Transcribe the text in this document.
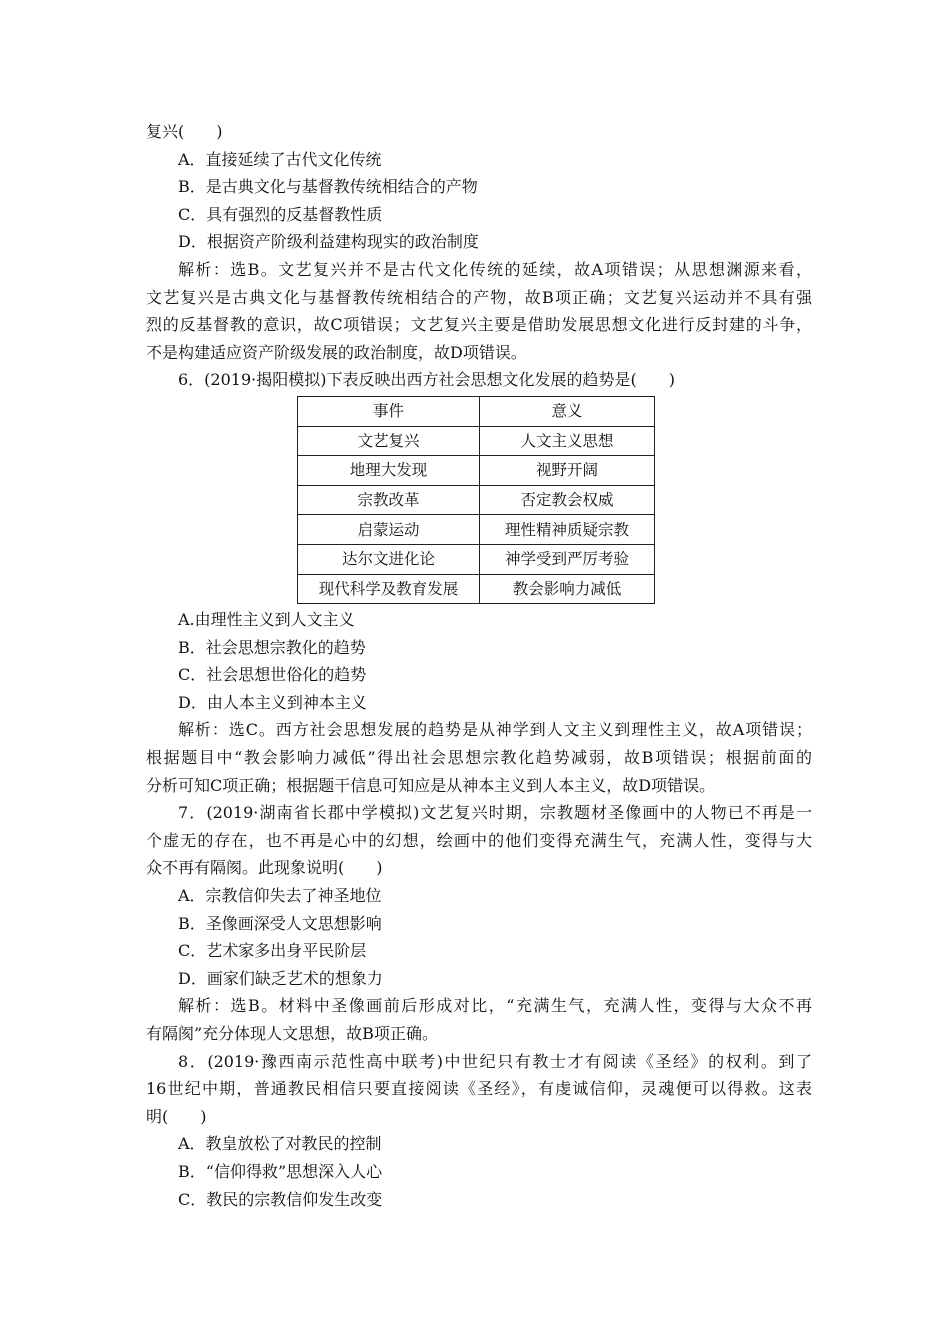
复兴(　　)
A．直接延续了古代文化传统
B．是古典文化与基督教传统相结合的产物
C．具有强烈的反基督教性质
D．根据资产阶级利益建构现实的政治制度
解析：选B。文艺复兴并不是古代文化传统的延续，故A项错误；从思想渊源来看，
文艺复兴是古典文化与基督教传统相结合的产物，故B项正确；文艺复兴运动并不具有强
烈的反基督教的意识，故C项错误；文艺复兴主要是借助发展思想文化进行反封建的斗争，
不是构建适应资产阶级发展的政治制度，故D项错误。
6．(2019·揭阳模拟)下表反映出西方社会思想文化发展的趋势是(　　)
事件	意义
文艺复兴	人文主义思想
地理大发现	视野开阔
宗教改革	否定教会权威
启蒙运动	理性精神质疑宗教
达尔文进化论	神学受到严厉考验
现代科学及教育发展	教会影响力减低
A.由理性主义到人文主义
B．社会思想宗教化的趋势
C．社会思想世俗化的趋势
D．由人本主义到神本主义
解析：选C。西方社会思想发展的趋势是从神学到人文主义到理性主义，故A项错误；
根据题目中“教会影响力减低”得出社会思想宗教化趋势减弱，故B项错误；根据前面的
分析可知C项正确；根据题干信息可知应是从神本主义到人本主义，故D项错误。
7．(2019·湖南省长郡中学模拟)文艺复兴时期，宗教题材圣像画中的人物已不再是一
个虚无的存在，也不再是心中的幻想，绘画中的他们变得充满生气，充满人性，变得与大
众不再有隔阂。此现象说明(　　)
A．宗教信仰失去了神圣地位
B．圣像画深受人文思想影响
C．艺术家多出身平民阶层
D．画家们缺乏艺术的想象力
解析：选B。材料中圣像画前后形成对比，“充满生气，充满人性，变得与大众不再
有隔阂”充分体现人文思想，故B项正确。
8．(2019·豫西南示范性高中联考)中世纪只有教士才有阅读《圣经》的权利。到了
16世纪中期，普通教民相信只要直接阅读《圣经》，有虔诚信仰，灵魂便可以得救。这表
明(　　)
A．教皇放松了对教民的控制
B．“信仰得救”思想深入人心
C．教民的宗教信仰发生改变
